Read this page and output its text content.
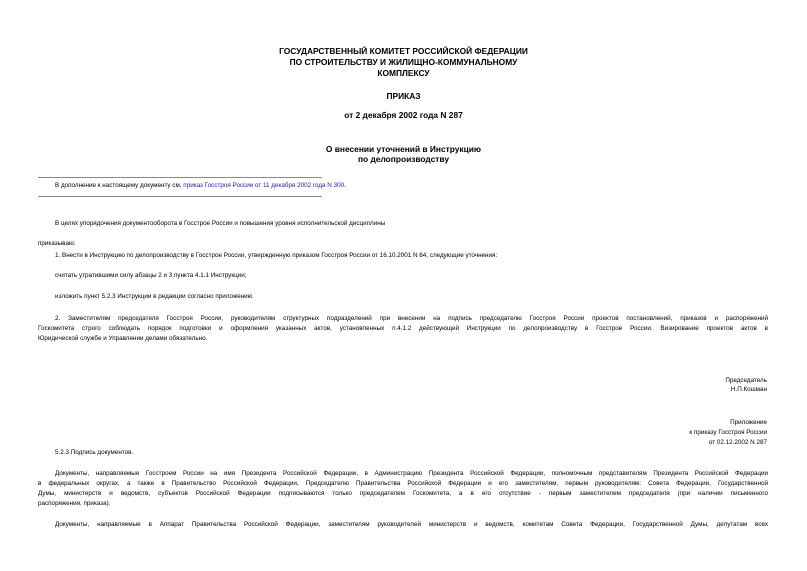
ГОСУДАРСТВЕННЫЙ КОМИТЕТ РОССИЙСКОЙ ФЕДЕРАЦИИ
ПО СТРОИТЕЛЬСТВУ И ЖИЛИЩНО-КОММУНАЛЬНОМУ
КОМПЛЕКСУ
ПРИКАЗ
от 2 декабря 2002 года N 287
О внесении уточнений в Инструкцию
по делопроизводству
В дополнение к настоящему документу см. приказ Госстроя России от 11 декабря 2002 года N 300.
В целях упорядочения документооборота в Госстрое России и повышения уровня исполнительской дисциплины
приказываю:
1. Внести в Инструкцию по делопроизводству в Госстрое России, утвержденную приказом Госстроя России от 16.10.2001 N 64, следующие уточнения:
считать утратившими силу абзацы 2 и 3 пункта 4.1.1 Инструкции;
изложить пункт 5.2.3 Инструкции в редакции согласно приложению
2. Заместителям председателя Госстроя России, руководителям структурных подразделений при внесении на подпись председателю Госстроя России проектов постановлений, приказов и распоряжений
Госкомитета строго соблюдать порядок подготовки и оформления указанных актов, установленных п.4.1.2 действующей Инструкции по делопроизводству в Госстрое России. Визирование проектов актов в
Юридической службе и Управлении делами обязательно.
Председатель
Н.П.Кошман
Приложение
к приказу Госстроя России
от 02.12.2002 N 287
5.2.3 Подпись документов.
Документы, направляемые Госстроем России на имя Президента Российской Федерации, в Администрацию Президента Российской Федерации, полномочным представителям Президента Российской Федерации
в федеральных округах, а также в Правительство Российской Федерации, Председателю Правительства Российской Федерации и его заместителям, первым руководителям: Совета Федерации, Государственной
Думы, министерств и ведомств, субъектов Российской Федерации подписываются только председателем Госкомитета, а в его отсутствие - первым заместителем председателя (при наличии письменного
распоряжения, приказа).
Документы, направляемые в Аппарат Правительства Российской Федерации, заместителям руководителей министерств и ведомств, комитетам Совета Федерации, Государственной Думы, депутатам всех
